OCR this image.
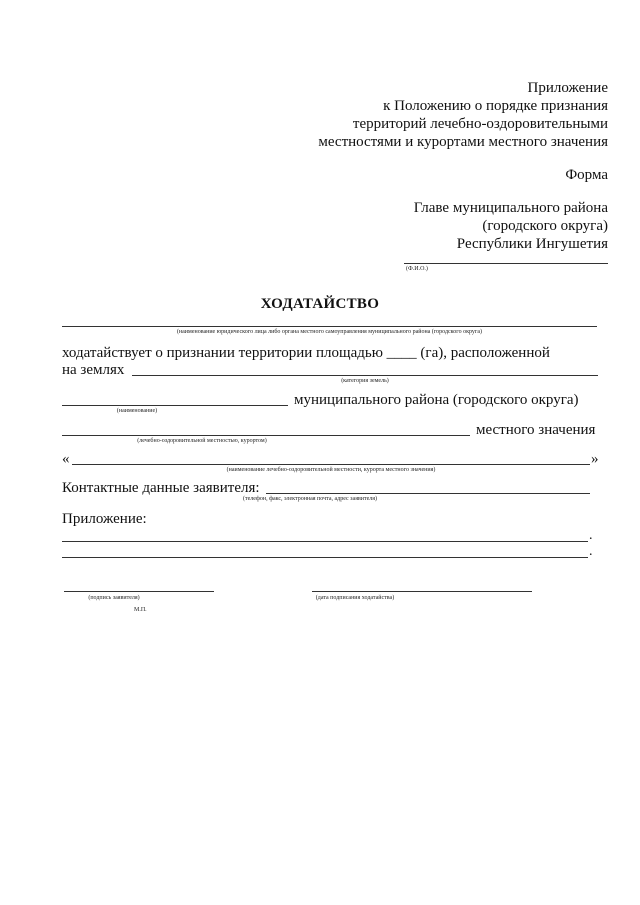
Приложение
к Положению о порядке признания
территорий лечебно-оздоровительными
местностями и курортами местного значения
Форма
Главе муниципального района
(городского округа)
Республики Ингушетия
(Ф.И.О.)
ХОДАТАЙСТВО
(наименование юридического лица либо органа местного самоуправления муниципального района (городского округа)
ходатайствует о признании территории площадью ____ (га), расположенной
на землях
(категория земель)
муниципального района (городского округа)
(наименование)
местного значения
(лечебно-оздоровительной местностью, курортом)
«	»
(наименование лечебно-оздоровительной местности, курорта местного значения)
Контактные данные заявителя:
(телефон, факс, электронная почта, адрес заявителя)
Приложение:
.
.
(подпись заявителя)
М.П.
(дата подписания ходатайства)
